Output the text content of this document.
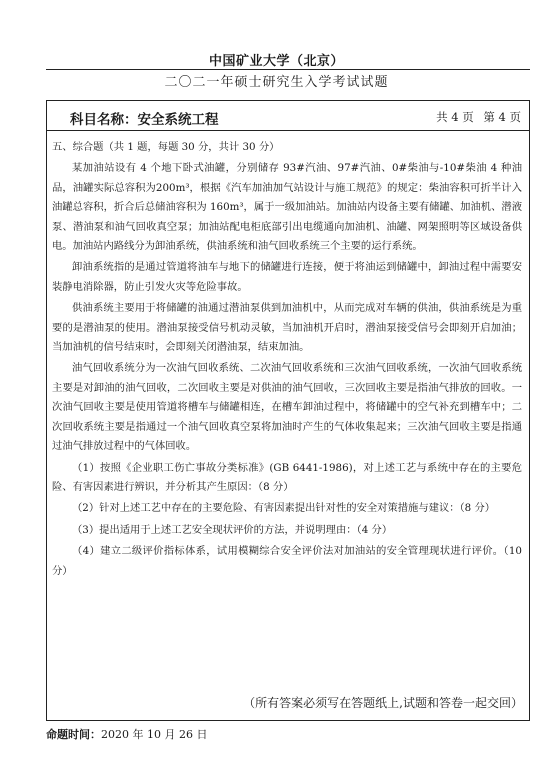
中国矿业大学（北京）
二〇二一年硕士研究生入学考试试题
科目名称：安全系统工程	共 4 页 第 4 页

五、综合题（共 1 题，每题 30 分，共计 30 分）

某加油站设有 4 个地下卧式油罐，分别储存 93#汽油、97#汽油、0#柴油与-10#柴油 4 种油品，油罐实际总容积为200m³，根据《汽车加油加气站设计与施工规范》的规定：柴油容积可折半计入油罐总容积，折合后总储油容积为 160m³，属于一级加油站。加油站内设备主要有储罐、加油机、潜液泵、潜油泵和油气回收真空泵；加油站配电柜底部引出电缆通向加油机、油罐、网架照明等区域设备供电。加油站内路线分为卸油系统，供油系统和油气回收系统三个主要的运行系统。

卸油系统指的是通过管道将油车与地下的储罐进行连接，便于将油运到储罐中，卸油过程中需要安装静电消除器，防止引发火灾等危险事故。

供油系统主要用于将储罐的油通过潜油泵供到加油机中，从而完成对车辆的供油，供油系统是为重要的是潜油泵的使用。潜油泵接受信号机动灵敏，当加油机开启时，潜油泵接受信号会即刻开启加油；当加油机的信号结束时，会即刻关闭潜油泵，结束加油。

油气回收系统分为一次油气回收系统、二次油气回收系统和三次油气回收系统，一次油气回收系统主要是对卸油的油气回收，二次回收主要是对供油的油气回收，三次回收主要是指油气排放的回收。一次油气回收主要是使用管道将槽车与储罐相连，在槽车卸油过程中，将储罐中的空气补充到槽车中；二次回收系统主要是指通过一个油气回收真空泵将加油时产生的气体收集起来；三次油气回收主要是指通过油气排放过程中的气体回收。

（1）按照《企业职工伤亡事故分类标准》(GB 6441-1986)，对上述工艺与系统中存在的主要危险、有害因素进行辨识，并分析其产生原因：（8 分）

（2）针对上述工艺中存在的主要危险、有害因素提出针对性的安全对策措施与建议：（8 分）

（3）提出适用于上述工艺安全现状评价的方法，并说明理由：（4 分）

（4）建立二级评价指标体系，试用模糊综合安全评价法对加油站的安全管理现状进行评价。（10 分）

（所有答案必须写在答题纸上,试题和答卷一起交回）
命题时间：2020 年 10 月 26 日
